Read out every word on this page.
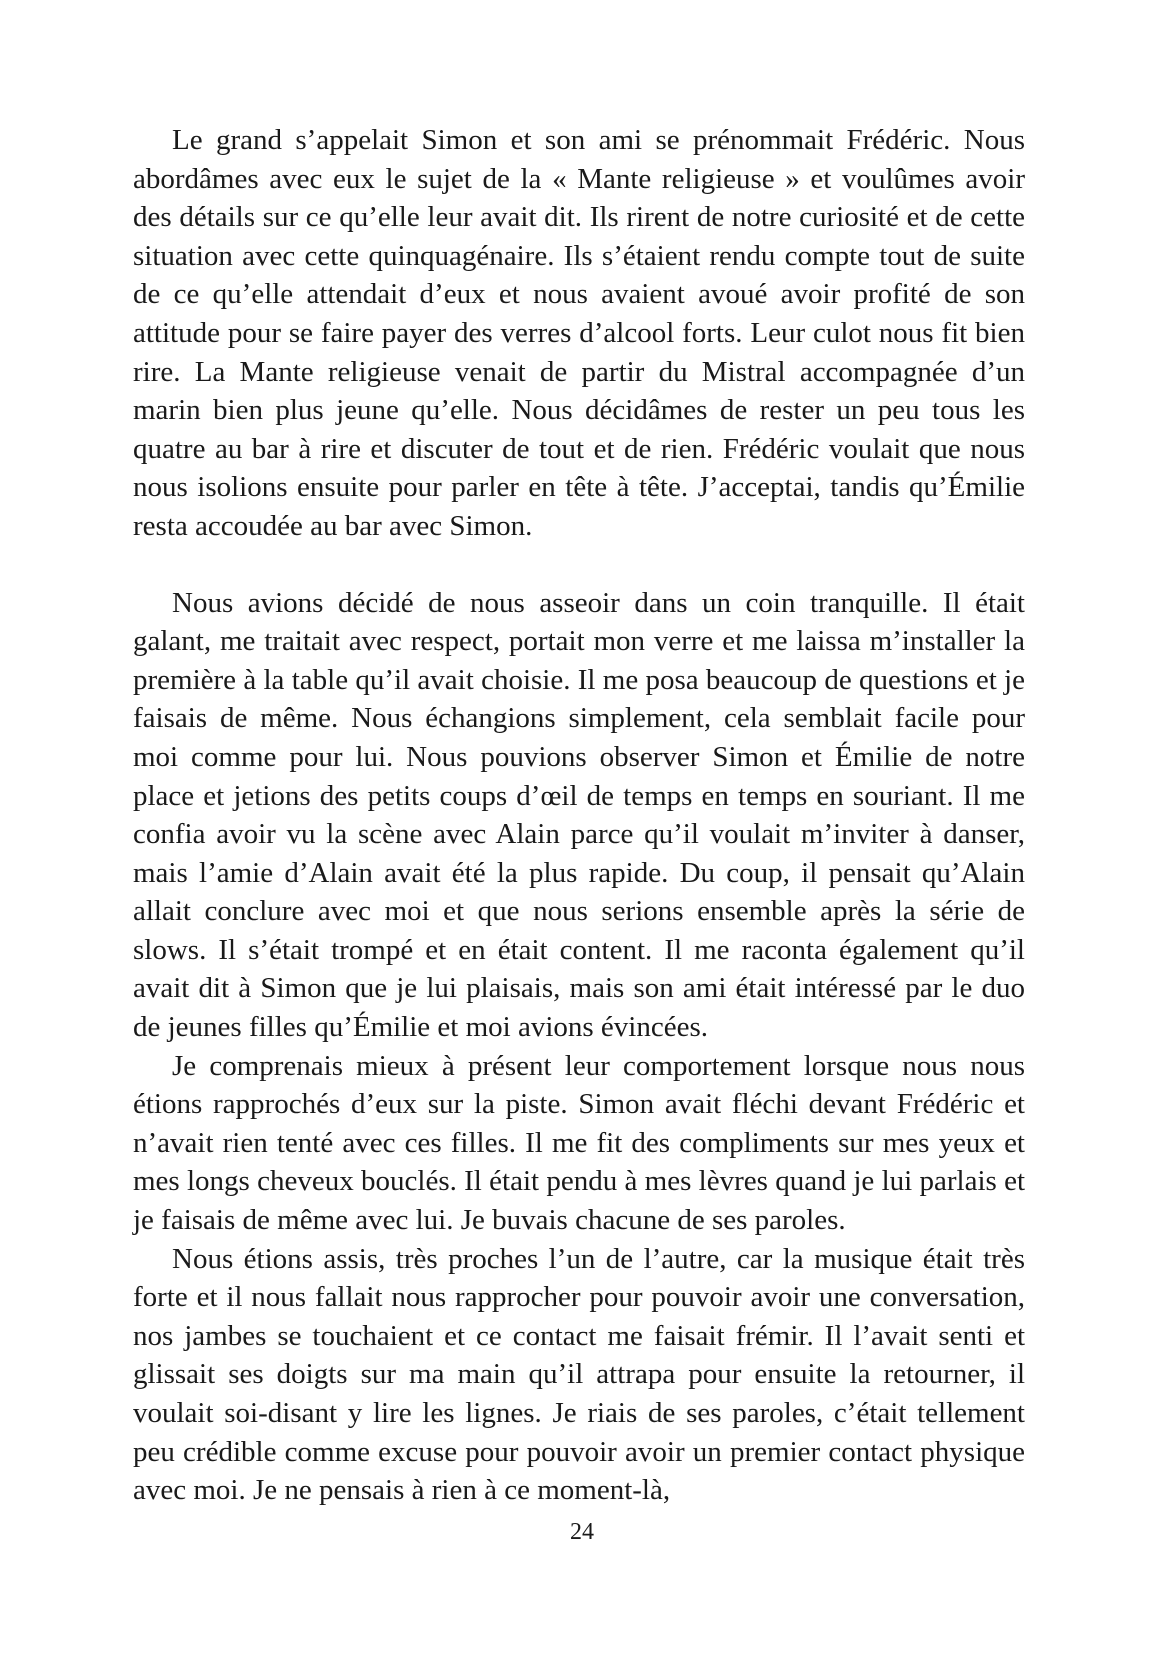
Le grand s’appelait Simon et son ami se prénommait Frédéric. Nous abordâmes avec eux le sujet de la « Mante religieuse » et voulûmes avoir des détails sur ce qu’elle leur avait dit. Ils rirent de notre curiosité et de cette situation avec cette quinquagénaire. Ils s’étaient rendu compte tout de suite de ce qu’elle attendait d’eux et nous avaient avoué avoir profité de son attitude pour se faire payer des verres d’alcool forts. Leur culot nous fit bien rire. La Mante religieuse venait de partir du Mistral accompagnée d’un marin bien plus jeune qu’elle. Nous décidâmes de rester un peu tous les quatre au bar à rire et discuter de tout et de rien. Frédéric voulait que nous nous isolions ensuite pour parler en tête à tête. J’acceptai, tandis qu’Émilie resta accoudée au bar avec Simon.

Nous avions décidé de nous asseoir dans un coin tranquille. Il était galant, me traitait avec respect, portait mon verre et me laissa m’installer la première à la table qu’il avait choisie. Il me posa beaucoup de questions et je faisais de même. Nous échangions simplement, cela semblait facile pour moi comme pour lui. Nous pouvions observer Simon et Émilie de notre place et jetions des petits coups d’œil de temps en temps en souriant. Il me confia avoir vu la scène avec Alain parce qu’il voulait m’inviter à danser, mais l’amie d’Alain avait été la plus rapide. Du coup, il pensait qu’Alain allait conclure avec moi et que nous serions ensemble après la série de slows. Il s’était trompé et en était content. Il me raconta également qu’il avait dit à Simon que je lui plaisais, mais son ami était intéressé par le duo de jeunes filles qu’Émilie et moi avions évincées.

Je comprenais mieux à présent leur comportement lorsque nous nous étions rapprochés d’eux sur la piste. Simon avait fléchi devant Frédéric et n’avait rien tenté avec ces filles. Il me fit des compliments sur mes yeux et mes longs cheveux bouclés. Il était pendu à mes lèvres quand je lui parlais et je faisais de même avec lui. Je buvais chacune de ses paroles.

Nous étions assis, très proches l’un de l’autre, car la musique était très forte et il nous fallait nous rapprocher pour pouvoir avoir une conversation, nos jambes se touchaient et ce contact me faisait frémir. Il l’avait senti et glissait ses doigts sur ma main qu’il attrapa pour ensuite la retourner, il voulait soi-disant y lire les lignes. Je riais de ses paroles, c’était tellement peu crédible comme excuse pour pouvoir avoir un premier contact physique avec moi. Je ne pensais à rien à ce moment-là,

24
